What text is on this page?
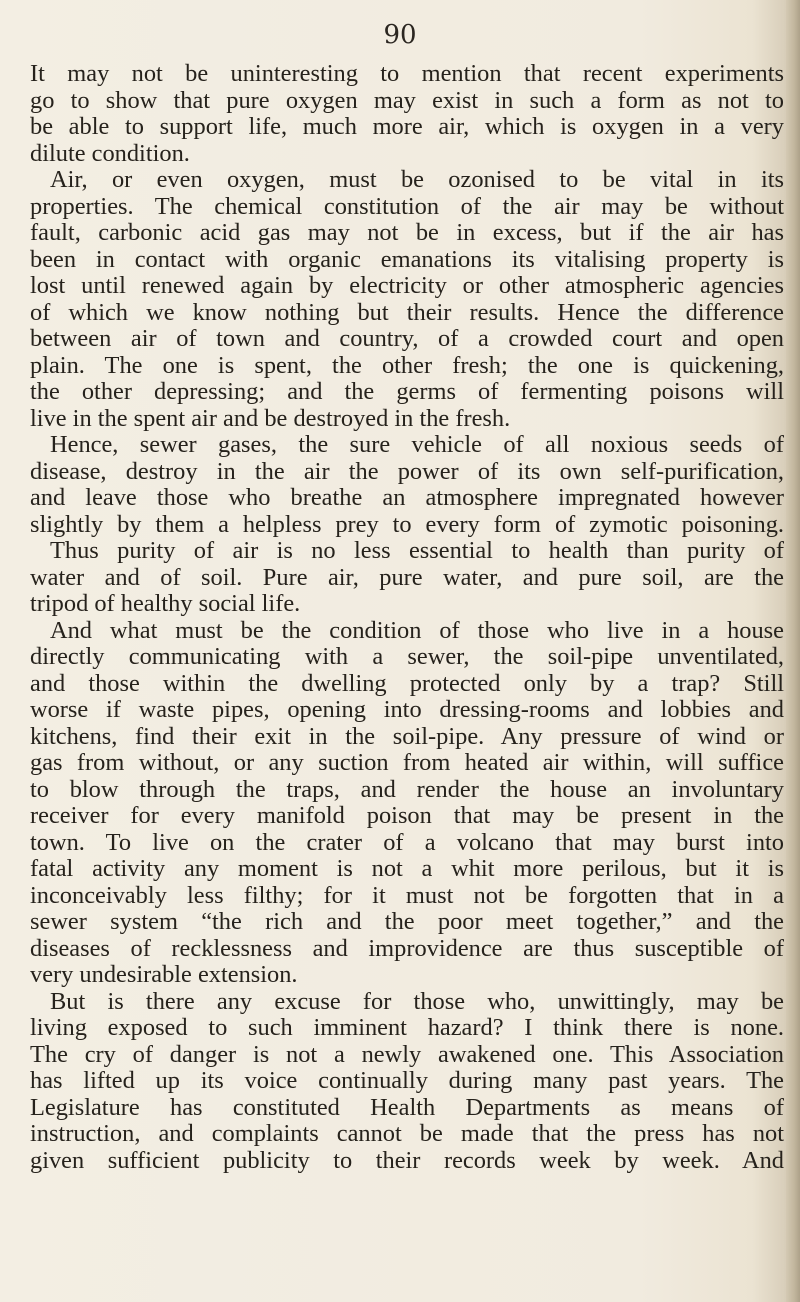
90
It may not be uninteresting to mention that recent experiments
go to show that pure oxygen may exist in such a form as not to
be able to support life, much more air, which is oxygen in a very
dilute condition.
Air, or even oxygen, must be ozonised to be vital in its
properties. The chemical constitution of the air may be without
fault, carbonic acid gas may not be in excess, but if the air has
been in contact with organic emanations its vitalising property is
lost until renewed again by electricity or other atmospheric agencies
of which we know nothing but their results. Hence the difference
between air of town and country, of a crowded court and open
plain. The one is spent, the other fresh; the one is quickening,
the other depressing; and the germs of fermenting poisons will
live in the spent air and be destroyed in the fresh.
Hence, sewer gases, the sure vehicle of all noxious seeds of
disease, destroy in the air the power of its own self-purification,
and leave those who breathe an atmosphere impregnated however
slightly by them a helpless prey to every form of zymotic poisoning.
Thus purity of air is no less essential to health than purity of
water and of soil. Pure air, pure water, and pure soil, are the
tripod of healthy social life.
And what must be the condition of those who live in a house
directly communicating with a sewer, the soil-pipe unventilated,
and those within the dwelling protected only by a trap? Still
worse if waste pipes, opening into dressing-rooms and lobbies and
kitchens, find their exit in the soil-pipe. Any pressure of wind or
gas from without, or any suction from heated air within, will suffice
to blow through the traps, and render the house an involuntary
receiver for every manifold poison that may be present in the
town. To live on the crater of a volcano that may burst into
fatal activity any moment is not a whit more perilous, but it is
inconceivably less filthy; for it must not be forgotten that in a
sewer system “the rich and the poor meet together,” and the
diseases of recklessness and improvidence are thus susceptible of
very undesirable extension.
But is there any excuse for those who, unwittingly, may be
living exposed to such imminent hazard? I think there is none.
The cry of danger is not a newly awakened one. This Association
has lifted up its voice continually during many past years. The
Legislature has constituted Health Departments as means of
instruction, and complaints cannot be made that the press has not
given sufficient publicity to their records week by week. And
